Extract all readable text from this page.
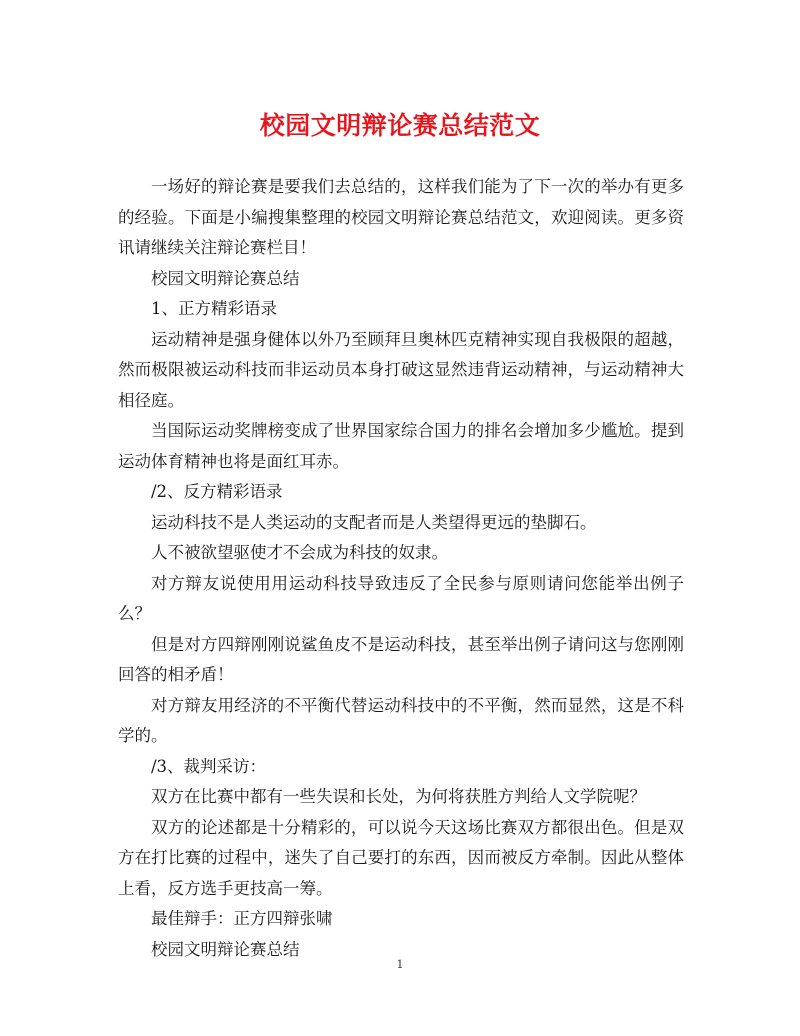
校园文明辩论赛总结范文

一场好的辩论赛是要我们去总结的，这样我们能为了下一次的举办有更多的经验。下面是小编搜集整理的校园文明辩论赛总结范文，欢迎阅读。更多资讯请继续关注辩论赛栏目！

校园文明辩论赛总结

1、正方精彩语录

运动精神是强身健体以外乃至顾拜旦奥林匹克精神实现自我极限的超越，然而极限被运动科技而非运动员本身打破这显然违背运动精神，与运动精神大相径庭。

当国际运动奖牌榜变成了世界国家综合国力的排名会增加多少尴尬。提到运动体育精神也将是面红耳赤。

/2、反方精彩语录

运动科技不是人类运动的支配者而是人类望得更远的垫脚石。

人不被欲望驱使才不会成为科技的奴隶。

对方辩友说使用用运动科技导致违反了全民参与原则请问您能举出例子么？

但是对方四辩刚刚说鲨鱼皮不是运动科技，甚至举出例子请问这与您刚刚回答的相矛盾！

对方辩友用经济的不平衡代替运动科技中的不平衡，然而显然，这是不科学的。

/3、裁判采访：

双方在比赛中都有一些失误和长处，为何将获胜方判给人文学院呢？

双方的论述都是十分精彩的，可以说今天这场比赛双方都很出色。但是双方在打比赛的过程中，迷失了自己要打的东西，因而被反方牵制。因此从整体上看，反方选手更技高一筹。

最佳辩手：正方四辩张啸

校园文明辩论赛总结

1
